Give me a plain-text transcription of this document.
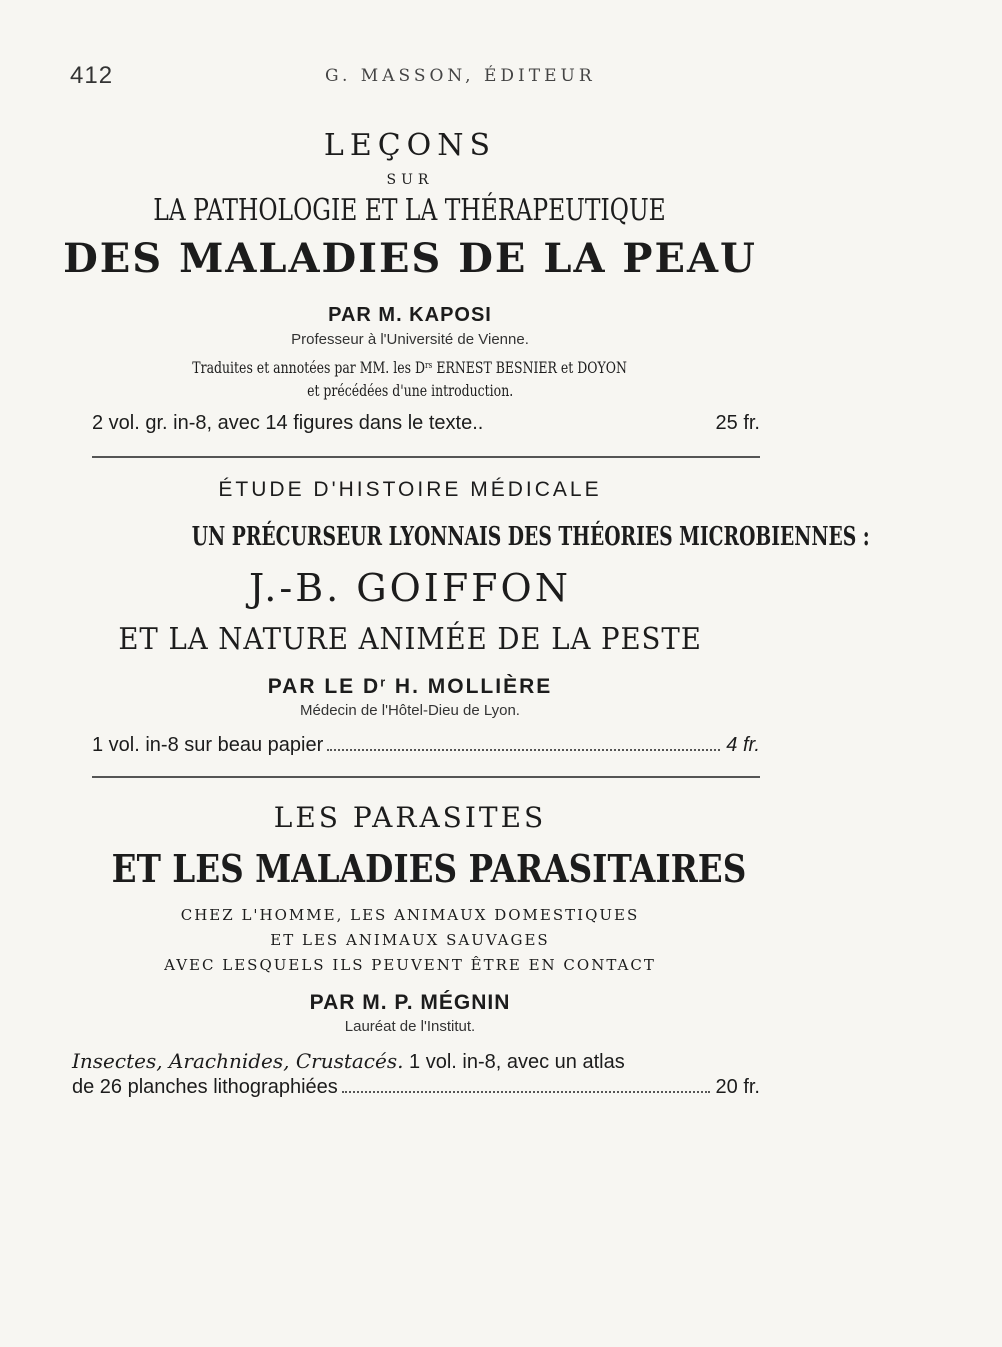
412	G. MASSON, ÉDITEUR
LEÇONS
SUR
LA PATHOLOGIE ET LA THÉRAPEUTIQUE
DES MALADIES DE LA PEAU
PAR M. KAPOSI
Professeur à l'Université de Vienne.
Traduites et annotées par MM. les $D^{rs}$ ERNEST BESNIER et DOYON
et précédées d'une introduction.
2 vol. gr. in-8, avec 14 figures dans le texte..	25 fr.
ÉTUDE D'HISTOIRE MÉDICALE
UN PRÉCURSEUR LYONNAIS DES THÉORIES MICROBIENNES :
J.-B. GOIFFON
ET LA NATURE ANIMÉE DE LA PESTE
PAR LE $D^r$ H. MOLLIÈRE
Médecin de l'Hôtel-Dieu de Lyon.
1 vol. in-8 sur beau papier	4 fr.
LES PARASITES
ET LES MALADIES PARASITAIRES
CHEZ L'HOMME, LES ANIMAUX DOMESTIQUES
ET LES ANIMAUX SAUVAGES
AVEC LESQUELS ILS PEUVENT ÊTRE EN CONTACT
PAR M. P. MÉGNIN
Lauréat de l'Institut.
Insectes, Arachnides, Crustacés. 1 vol. in-8, avec un atlas
de 26 planches lithographiées	20 fr.
